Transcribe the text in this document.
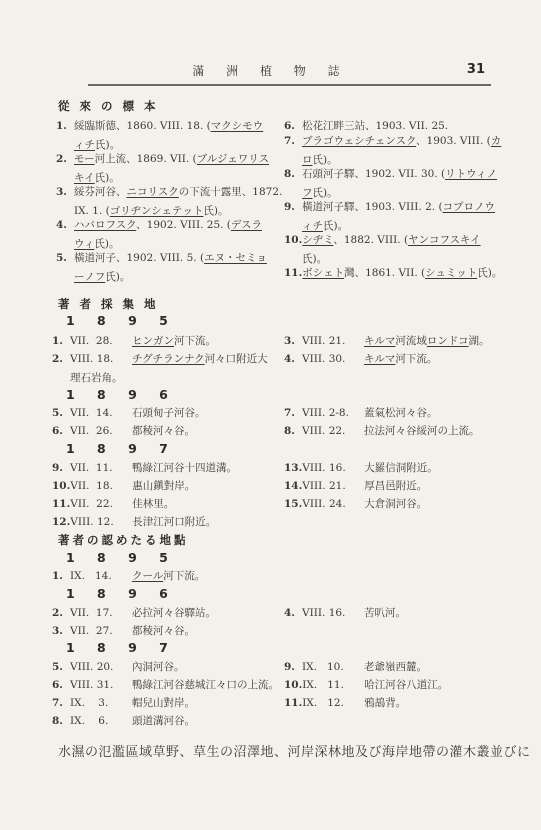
滿 洲 植 物 誌	31
從 來 の 標 本
1. 綏臨斯德、1860. VIII. 18. (マクシモウ
ィチ氏)。
2. モー河上流、1869. VII. (ブルジェワリス
キイ氏)。
3. 綏芬河谷、ニコリスクの下流十露里、1872.
IX. 1. (ゴリヂンシェテット氏)。
4. ハバロフスク、1902. VIII. 25. (デスラ
ウィ氏)。
5. 橫道河子、1902. VIII. 5. (エヌ・セミョ
ーノフ氏)。
6. 松花江畔三站、1903. VII. 25.
7. ブラゴウェシチェンスク、1903. VIII. (カ
ロ氏)。
8. 石頭河子驛、1902. VII. 30. (リトウィノ
フ氏)。
9. 橫道河子驛、1903. VIII. 2. (コプロノウ
ィチ氏)。
10.シヂミ、1882. VIII. (ヤンコフスキイ
氏)。
11.ボシェト灣、1861. VII. (シュミット氏)。
著 者 採 集 地
1 8 9 5
1 8 9 6
1 8 9 7
著者の認めたる地點
1 8 9 5
1 8 9 6
1 8 9 7
1. VII.  28. ヒンガン河下流。
2. VIII. 18. チグチランナク河々口附近大
理石岩角。
3. VIII. 21. キルマ河流域ロンドコ湖。
4. VIII. 30. キルマ河下流。
5. VII.  14. 石頭甸子河谷。
6. VII.  26. 都稜河々谷。
7. VIII. 2-8. 蓋氣松河々谷。
8. VIII. 22. 拉法河々谷綏河の上流。
9. VII.  11. 鴨綠江河谷十四道溝。
10.VII.  18. 惠山鎭對岸。
11.VII.  22. 佳林里。
12.VIII. 12. 長津江河口附近。
13.VIII. 16. 大羅信洞附近。
14.VIII. 21. 厚昌邑附近。
15.VIII. 24. 大倉洞河谷。
1. IX.   14. クール河下流。
2. VII.  17. 必拉河々谷驛站。
3. VII.  27. 都稜河々谷。
4. VIII. 16. 苦叭河。
5. VIII. 20. 內洞河谷。
6. VIII. 31. 鴨綠江河谷慈城江々口の上流。
7. IX.    3. 帽兒山對岸。
8. IX.    6. 頭道溝河谷。
9. IX.   10. 老爺嶺西麓。
10.IX.   11. 哈江河谷八道江。
11.IX.   12. 鴉鴣背。
水濕の氾濫區域草野、草生の沼澤地、河岸深林地及び海岸地帶の灌木叢並びに
